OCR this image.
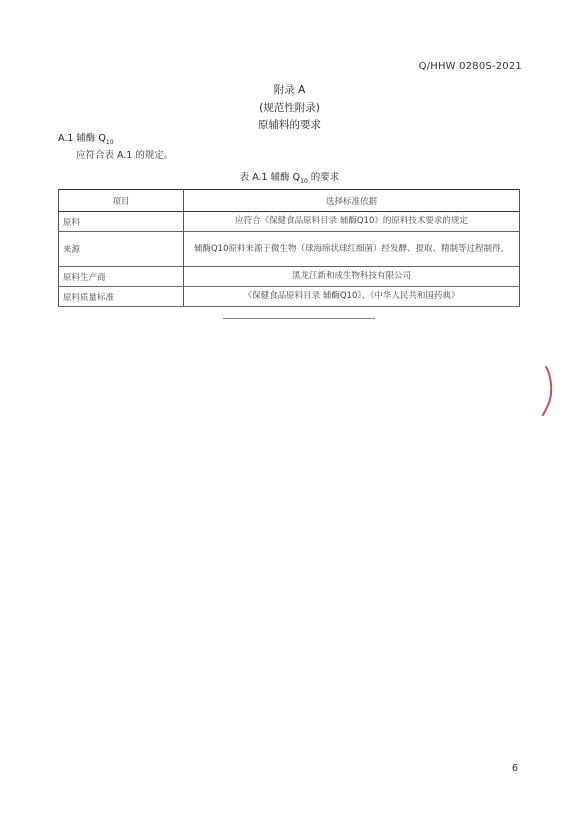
Q/HHW 0280S-2021
附录 A
(规范性附录)
原辅料的要求
A.1 辅酶 $Q_{10}$
应符合表 A.1 的规定。
表 A.1 辅酶 $Q_{10}$ 的要求
项目	选择标准依据
原料	应符合《保健食品原料目录 辅酶Q10》的原料技术要求的规定
来源	辅酶Q10原料来源于微生物（球海绵状球红细菌）经发酵、提取、精制等过程制得。
原料生产商	黑龙江新和成生物科技有限公司
原料质量标准	《保健食品原料目录 辅酶Q10》、《中华人民共和国药典》
6
